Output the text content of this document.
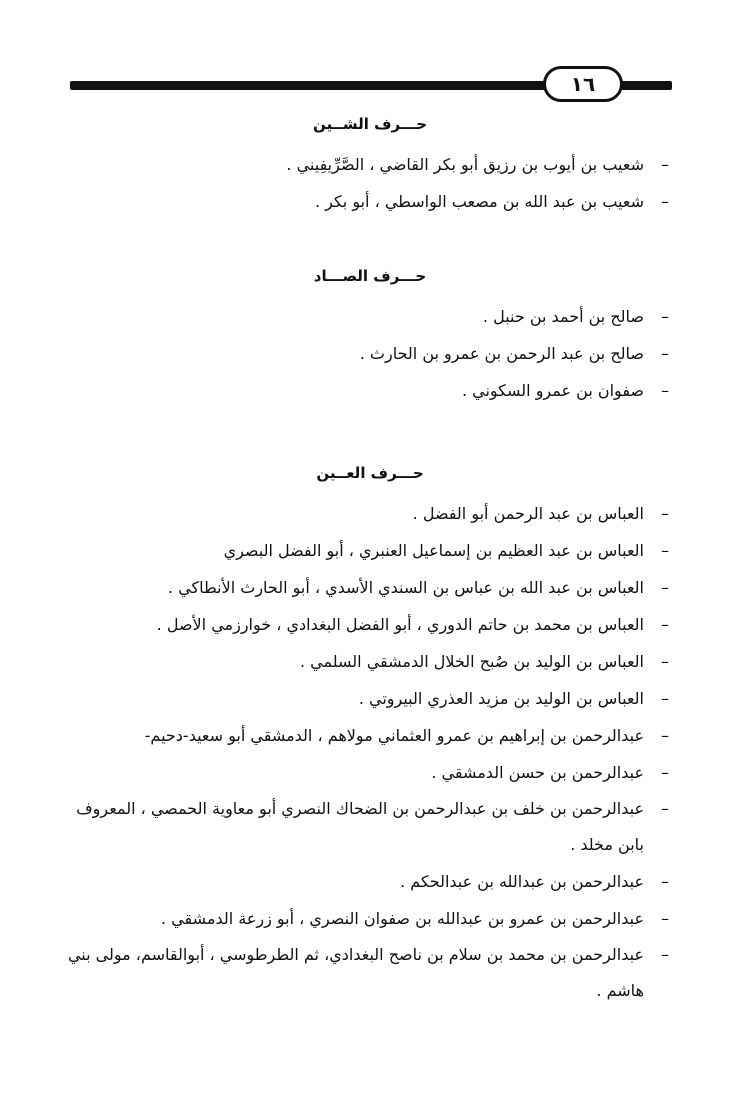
١٦
حـــرف الشــين
–
شعيب بن أيوب بن رزيق أبو بكر القاضي ، الصَّرِّيفِيني .
–
شعيب بن عبد الله بن مصعب الواسطي ، أبو بكر .
حـــرف الصـــاد
–
صالح بن أحمد بن حنبل .
–
صالح بن عبد الرحمن بن عمرو بن الحارث .
–
صفوان بن عمرو السكوني .
حـــرف العــين
–
العباس بن عبد الرحمن أبو الفضل .
–
العباس بن عبد العظيم بن إسماعيل العنبري ، أبو الفضل البصري
–
العباس بن عبد الله بن عباس بن السندي الأسدي ، أبو الحارث الأنطاكي .
–
العباس بن محمد بن حاتم الدوري ، أبو الفضل البغدادي ، خوارزمي الأصل .
–
العباس بن الوليد بن صُبح الخلال الدمشقي السلمي .
–
العباس بن الوليد بن مزيد العذري البيروتي .
–
عبدالرحمن بن إبراهيم بن عمرو العثماني مولاهم ، الدمشقي أبو سعيد-دحيم-
–
عبدالرحمن بن حسن الدمشقي .
–
عبدالرحمن بن خلف بن عبدالرحمن بن الضحاك النصري أبو معاوية الحمصي ، المعروف بابن مخلد .
–
عبدالرحمن بن عبدالله بن عبدالحكم .
–
عبدالرحمن بن عمرو بن عبدالله بن صفوان النصري ، أبو زرعة الدمشقي .
–
عبدالرحمن بن محمد بن سلام بن ناصح البغدادي، ثم الطرطوسي ، أبوالقاسم، مولى بني هاشم .
